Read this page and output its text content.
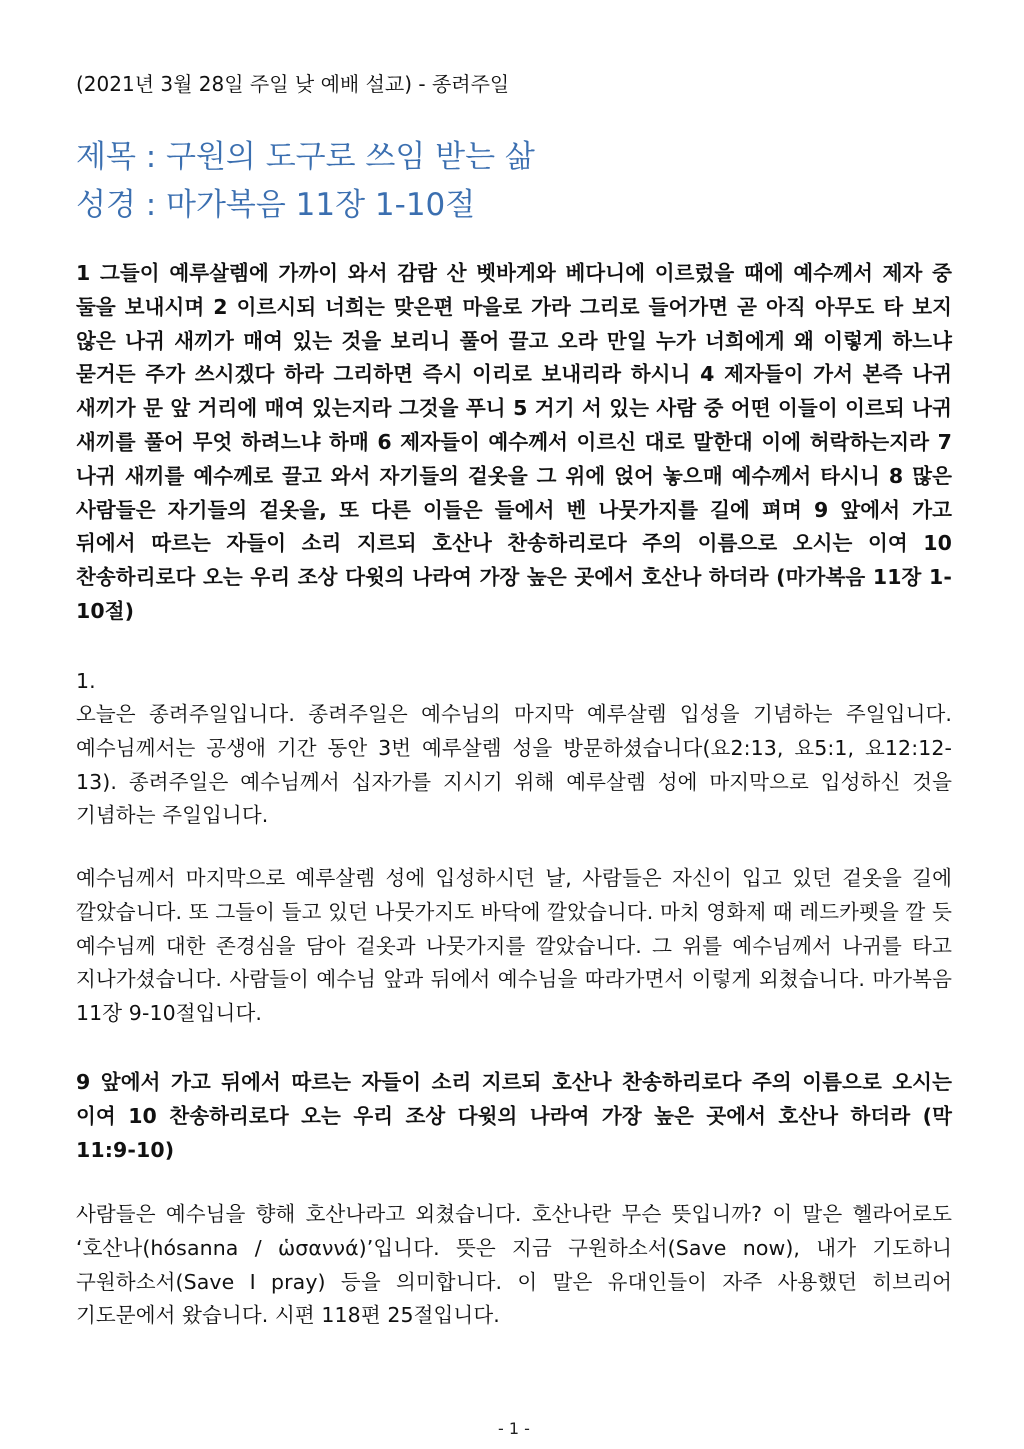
(2021년 3월 28일 주일 낮 예배 설교) - 종려주일
제목 : 구원의 도구로 쓰임 받는 삶
성경 : 마가복음 11장 1-10절

1 그들이 예루살렘에 가까이 와서 감람 산 벳바게와 베다니에 이르렀을 때에 예수께서 제자 중 둘을 보내시며 2 이르시되 너희는 맞은편 마을로 가라 그리로 들어가면 곧 아직 아무도 타 보지 않은 나귀 새끼가 매여 있는 것을 보리니 풀어 끌고 오라 만일 누가 너희에게 왜 이렇게 하느냐 묻거든 주가 쓰시겠다 하라 그리하면 즉시 이리로 보내리라 하시니 4 제자들이 가서 본즉 나귀 새끼가 문 앞 거리에 매여 있는지라 그것을 푸니 5 거기 서 있는 사람 중 어떤 이들이 이르되 나귀 새끼를 풀어 무엇 하려느냐 하매 6 제자들이 예수께서 이르신 대로 말한대 이에 허락하는지라 7 나귀 새끼를 예수께로 끌고 와서 자기들의 겉옷을 그 위에 얹어 놓으매 예수께서 타시니 8 많은 사람들은 자기들의 겉옷을, 또 다른 이들은 들에서 벤 나뭇가지를 길에 펴며 9 앞에서 가고 뒤에서 따르는 자들이 소리 지르되 호산나 찬송하리로다 주의 이름으로 오시는 이여 10 찬송하리로다 오는 우리 조상 다윗의 나라여 가장 높은 곳에서 호산나 하더라 (마가복음 11장 1-10절)

1.

오늘은 종려주일입니다. 종려주일은 예수님의 마지막 예루살렘 입성을 기념하는 주일입니다. 예수님께서는 공생애 기간 동안 3번 예루살렘 성을 방문하셨습니다(요2:13, 요5:1, 요12:12-13). 종려주일은 예수님께서 십자가를 지시기 위해 예루살렘 성에 마지막으로 입성하신 것을 기념하는 주일입니다.

예수님께서 마지막으로 예루살렘 성에 입성하시던 날, 사람들은 자신이 입고 있던 겉옷을 길에 깔았습니다. 또 그들이 들고 있던 나뭇가지도 바닥에 깔았습니다. 마치 영화제 때 레드카펫을 깔 듯 예수님께 대한 존경심을 담아 겉옷과 나뭇가지를 깔았습니다. 그 위를 예수님께서 나귀를 타고 지나가셨습니다. 사람들이 예수님 앞과 뒤에서 예수님을 따라가면서 이렇게 외쳤습니다. 마가복음 11장 9-10절입니다.

9 앞에서 가고 뒤에서 따르는 자들이 소리 지르되 호산나 찬송하리로다 주의 이름으로 오시는 이여 10 찬송하리로다 오는 우리 조상 다윗의 나라여 가장 높은 곳에서 호산나 하더라 (막 11:9-10)

사람들은 예수님을 향해 호산나라고 외쳤습니다. 호산나란 무슨 뜻입니까? 이 말은 헬라어로도 ‘호산나(hósanna / ὡσαννά)’입니다. 뜻은 지금 구원하소서(Save now), 내가 기도하니 구원하소서(Save I pray) 등을 의미합니다. 이 말은 유대인들이 자주 사용했던 히브리어 기도문에서 왔습니다. 시편 118편 25절입니다.

- 1 -
